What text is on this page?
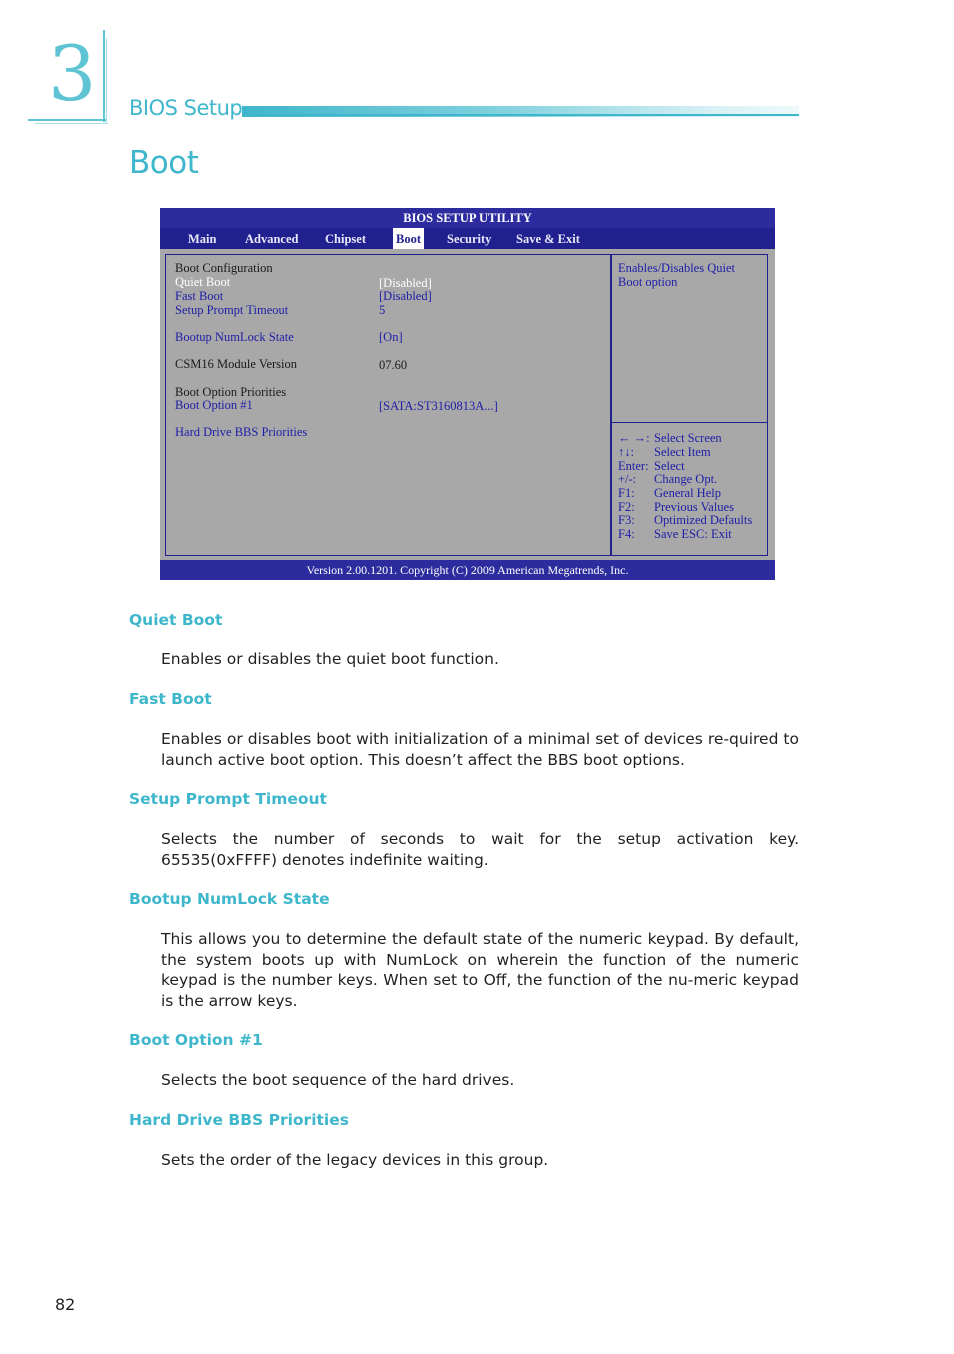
3 BIOS Setup
Boot
BIOS SETUP UTILITY
Main Advanced Chipset Boot Security Save & Exit
Boot Configuration
Quiet Boot	[Disabled]
Fast Boot	[Disabled]
Setup Prompt Timeout	5
Bootup NumLock State	[On]
CSM16 Module Version	07.60
Boot Option Priorities
Boot Option #1	[SATA:ST3160813A...]
Hard Drive BBS Priorities
Enables/Disables Quiet
Boot option
← →: Select Screen
↑↓: Select Item
Enter: Select
+/-: Change Opt.
F1: General Help
F2: Previous Values
F3: Optimized Defaults
F4: Save ESC: Exit
Version 2.00.1201. Copyright (C) 2009 American Megatrends, Inc.
Quiet Boot
Enables or disables the quiet boot function.
Fast Boot
Enables or disables boot with initialization of a minimal set of devices re-quired to launch active boot option. This doesn’t affect the BBS boot options.
Setup Prompt Timeout
Selects the number of seconds to wait for the setup activation key. 65535(0xFFFF) denotes indefinite waiting.
Bootup NumLock State
This allows you to determine the default state of the numeric keypad. By default, the system boots up with NumLock on wherein the function of the numeric keypad is the number keys. When set to Off, the function of the nu-meric keypad is the arrow keys.
Boot Option #1
Selects the boot sequence of the hard drives.
Hard Drive BBS Priorities
Sets the order of the legacy devices in this group.
82
